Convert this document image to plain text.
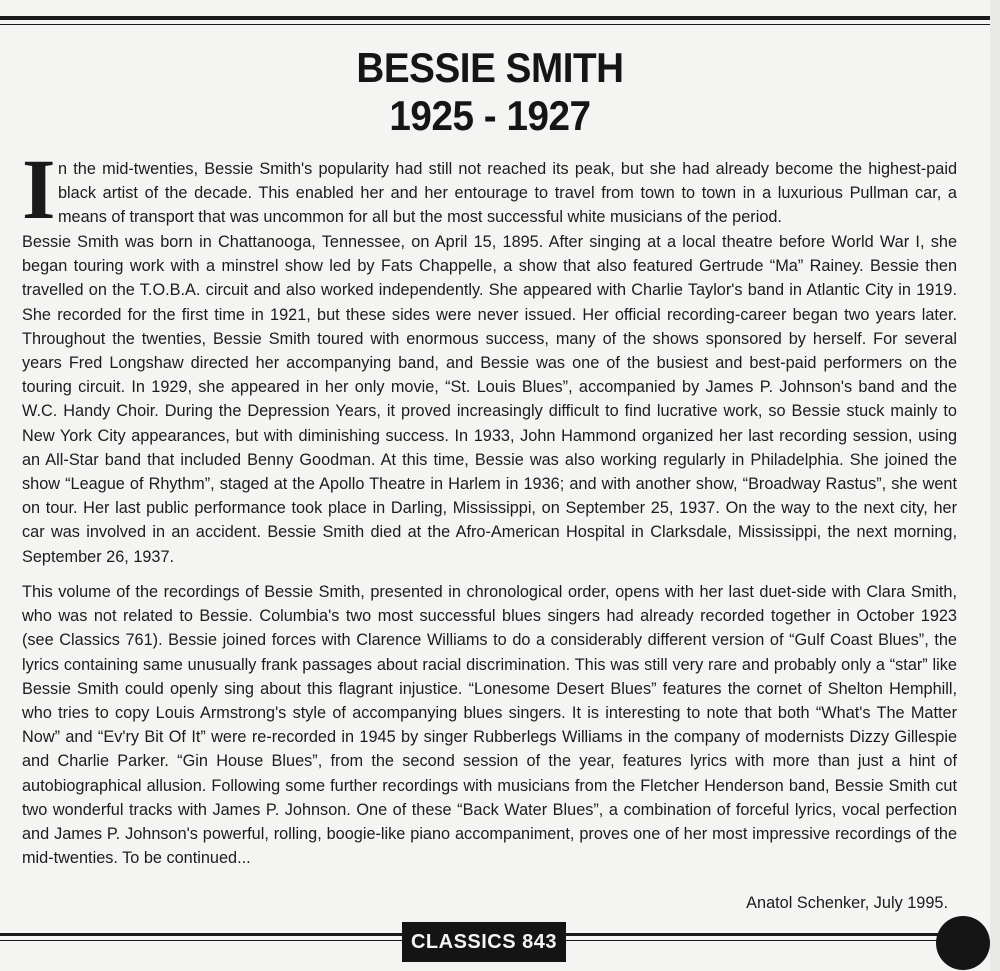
BESSIE SMITH
1925 - 1927
I n the mid-twenties, Bessie Smith's popularity had still not reached its peak, but she had already become the highest-paid black artist of the decade. This enabled her and her entourage to travel from town to town in a luxurious Pullman car, a means of transport that was uncommon for all but the most successful white musicians of the period.

Bessie Smith was born in Chattanooga, Tennessee, on April 15, 1895. After singing at a local theatre before World War I, she began touring work with a minstrel show led by Fats Chappelle, a show that also featured Gertrude “Ma” Rainey. Bessie then travelled on the T.O.B.A. circuit and also worked independently. She appeared with Charlie Taylor's band in Atlantic City in 1919. She recorded for the first time in 1921, but these sides were never issued. Her official recording-career began two years later. Throughout the twenties, Bessie Smith toured with enormous success, many of the shows sponsored by herself. For several years Fred Longshaw directed her accompanying band, and Bessie was one of the busiest and best-paid performers on the touring circuit. In 1929, she appeared in her only movie, “St. Louis Blues”, accompanied by James P. Johnson's band and the W.C. Handy Choir. During the Depression Years, it proved increasingly difficult to find lucrative work, so Bessie stuck mainly to New York City appearances, but with diminishing success. In 1933, John Hammond organized her last recording session, using an All-Star band that included Benny Goodman. At this time, Bessie was also working regularly in Philadelphia. She joined the show “League of Rhythm”, staged at the Apollo Theatre in Harlem in 1936; and with another show, “Broadway Rastus”, she went on tour. Her last public performance took place in Darling, Mississippi, on September 25, 1937. On the way to the next city, her car was involved in an accident. Bessie Smith died at the Afro-American Hospital in Clarksdale, Mississippi, the next morning, September 26, 1937.

This volume of the recordings of Bessie Smith, presented in chronological order, opens with her last duet-side with Clara Smith, who was not related to Bessie. Columbia's two most successful blues singers had already recorded together in October 1923 (see Classics 761). Bessie joined forces with Clarence Williams to do a considerably different version of “Gulf Coast Blues”, the lyrics containing same unusually frank passages about racial discrimination. This was still very rare and probably only a “star” like Bessie Smith could openly sing about this flagrant injustice. “Lonesome Desert Blues” features the cornet of Shelton Hemphill, who tries to copy Louis Armstrong's style of accompanying blues singers. It is interesting to note that both “What's The Matter Now” and “Ev'ry Bit Of It” were re-recorded in 1945 by singer Rubberlegs Williams in the company of modernists Dizzy Gillespie and Charlie Parker. “Gin House Blues”, from the second session of the year, features lyrics with more than just a hint of autobiographical allusion. Following some further recordings with musicians from the Fletcher Henderson band, Bessie Smith cut two wonderful tracks with James P. Johnson. One of these “Back Water Blues”, a combination of forceful lyrics, vocal perfection and James P. Johnson's powerful, rolling, boogie-like piano accompaniment, proves one of her most impressive recordings of the mid-twenties. To be continued...

Anatol Schenker, July 1995.
CLASSICS 843
